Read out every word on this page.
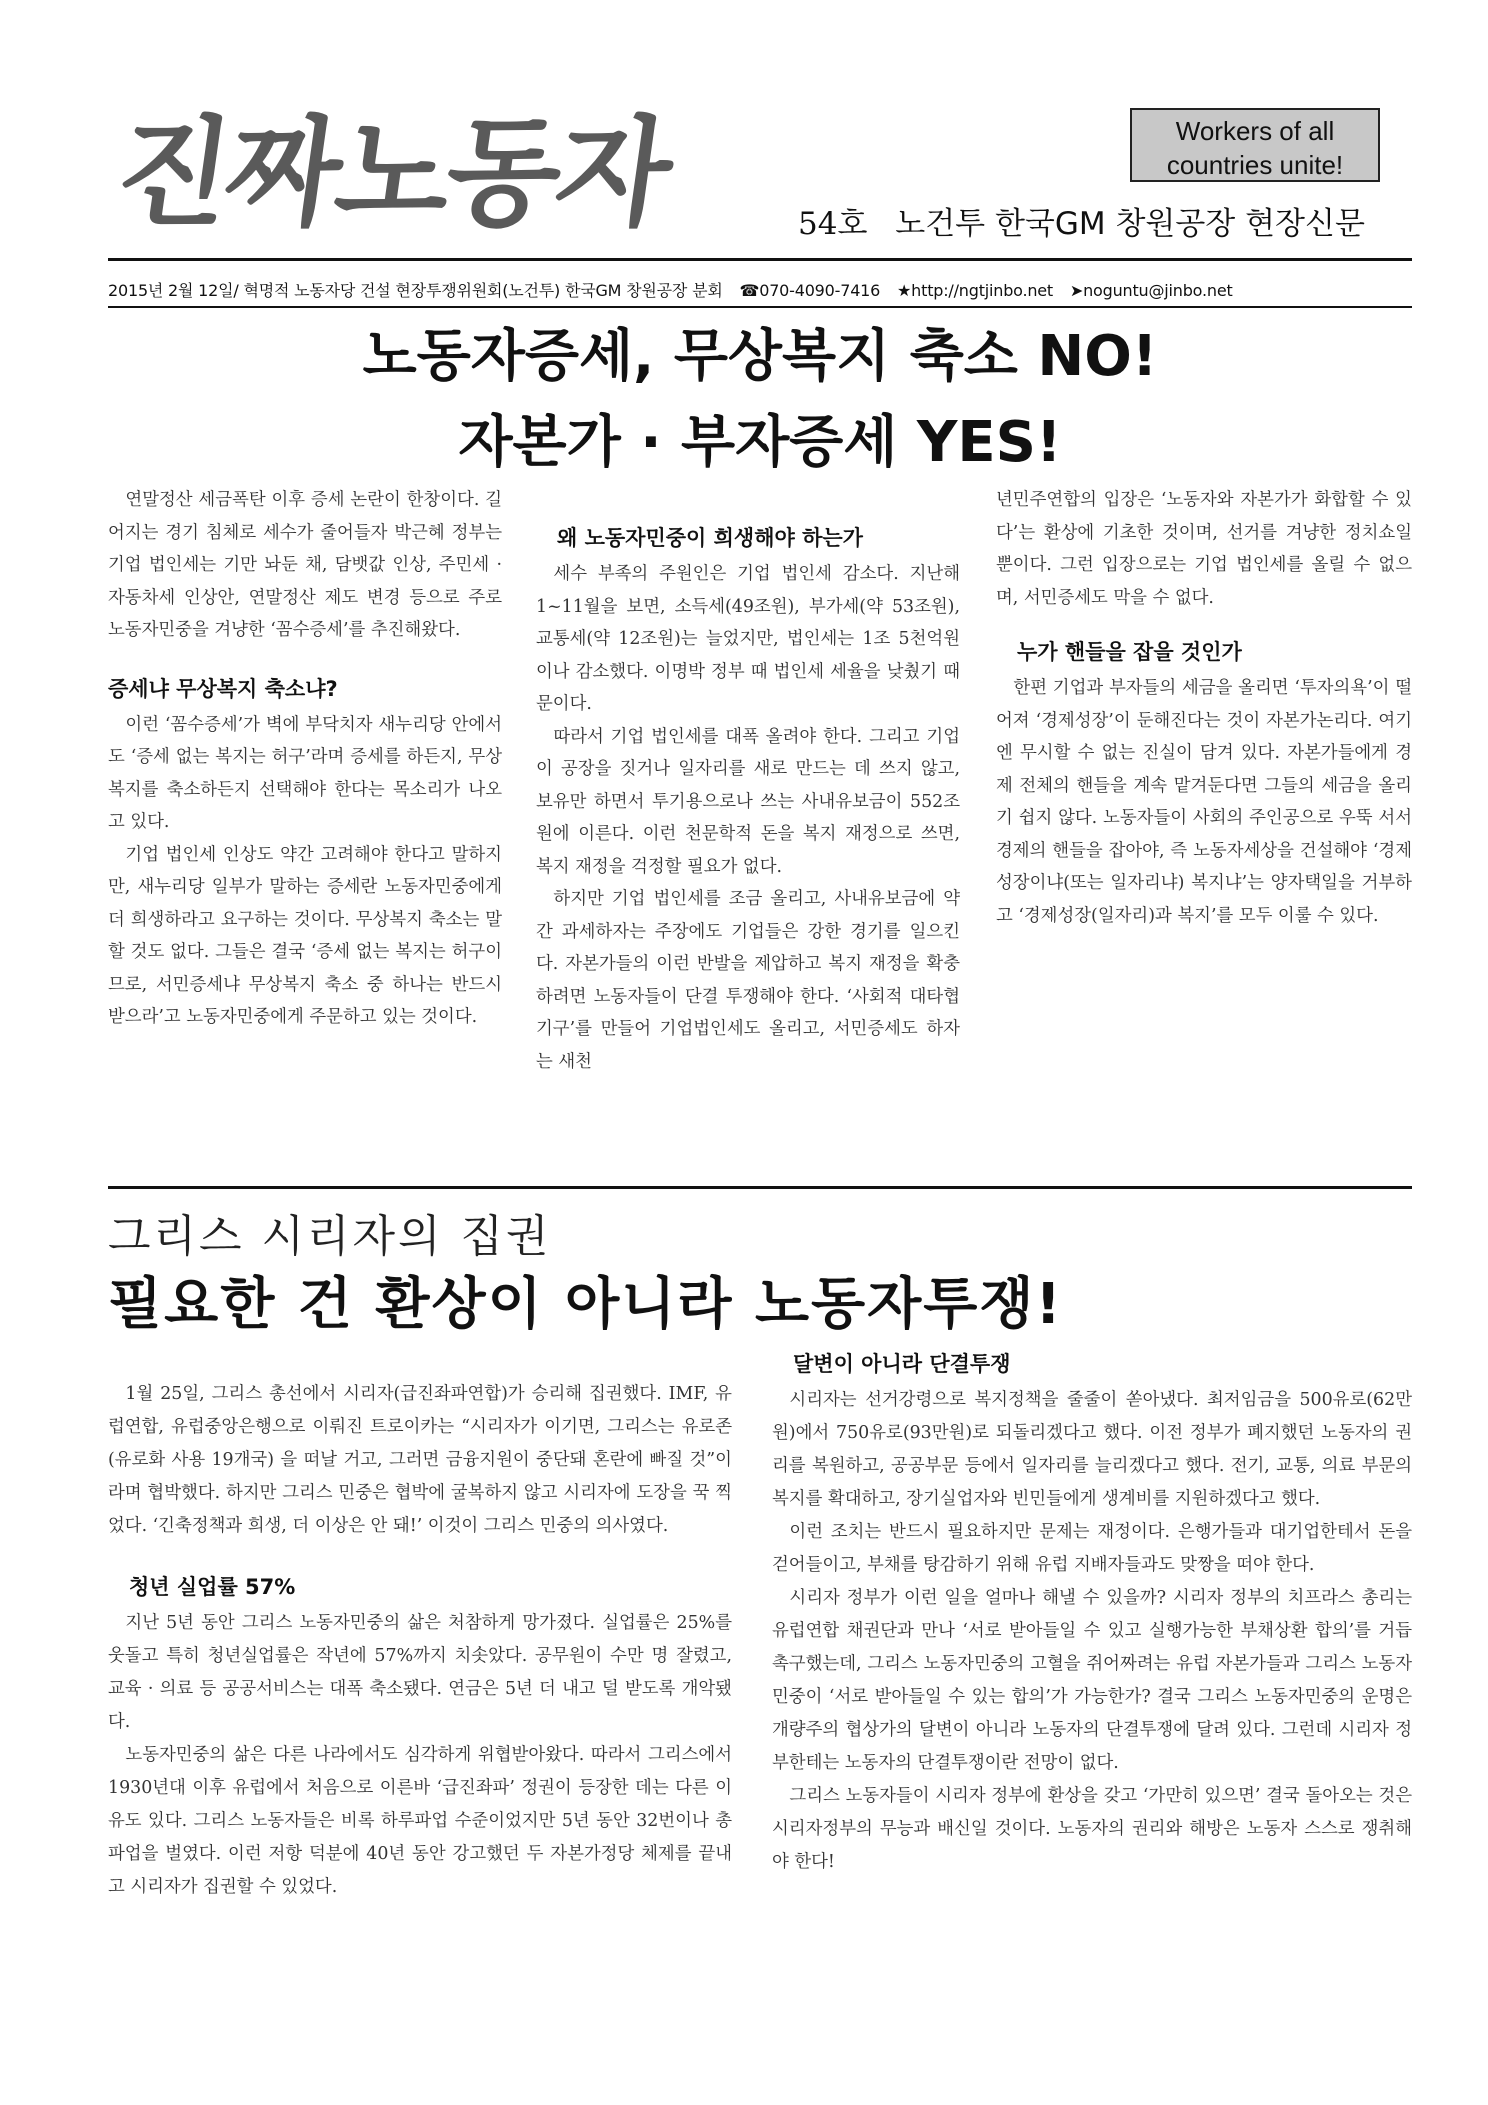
진짜노동자	Workers of all
countries unite!
54호 노건투 한국GM 창원공장 현장신문
2015년 2월 12일/ 혁명적 노동자당 건설 현장투쟁위원회(노건투) 한국GM 창원공장 분회 ☎070-4090-7416 ★http://ngtjinbo.net ➤noguntu@jinbo.net
노동자증세, 무상복지 축소 NO!
자본가 · 부자증세 YES!

연말정산 세금폭탄 이후 증세 논란이 한창이다. 길어지는 경기 침체로 세수가 줄어들자 박근혜 정부는 기업 법인세는 기만 놔둔 채, 담뱃값 인상, 주민세 · 자동차세 인상안, 연말정산 제도 변경 등으로 주로 노동자민중을 겨냥한 ‘꼼수증세’를 추진해왔다.

증세냐 무상복지 축소냐?

이런 ‘꼼수증세’가 벽에 부닥치자 새누리당 안에서도 ‘증세 없는 복지는 허구’라며 증세를 하든지, 무상복지를 축소하든지 선택해야 한다는 목소리가 나오고 있다.

기업 법인세 인상도 약간 고려해야 한다고 말하지만, 새누리당 일부가 말하는 증세란 노동자민중에게 더 희생하라고 요구하는 것이다. 무상복지 축소는 말할 것도 없다. 그들은 결국 ‘증세 없는 복지는 허구이므로, 서민증세냐 무상복지 축소 중 하나는 반드시 받으라’고 노동자민중에게 주문하고 있는 것이다.

왜 노동자민중이 희생해야 하는가

세수 부족의 주원인은 기업 법인세 감소다. 지난해 1~11월을 보면, 소득세(49조원), 부가세(약 53조원), 교통세(약 12조원)는 늘었지만, 법인세는 1조 5천억원이나 감소했다. 이명박 정부 때 법인세 세율을 낮췄기 때문이다.

따라서 기업 법인세를 대폭 올려야 한다. 그리고 기업이 공장을 짓거나 일자리를 새로 만드는 데 쓰지 않고, 보유만 하면서 투기용으로나 쓰는 사내유보금이 552조원에 이른다. 이런 천문학적 돈을 복지 재정으로 쓰면, 복지 재정을 걱정할 필요가 없다.

하지만 기업 법인세를 조금 올리고, 사내유보금에 약간 과세하자는 주장에도 기업들은 강한 경기를 일으킨다. 자본가들의 이런 반발을 제압하고 복지 재정을 확충하려면 노동자들이 단결 투쟁해야 한다. ‘사회적 대타협 기구’를 만들어 기업법인세도 올리고, 서민증세도 하자는 새천

년민주연합의 입장은 ‘노동자와 자본가가 화합할 수 있다’는 환상에 기초한 것이며, 선거를 겨냥한 정치쇼일 뿐이다. 그런 입장으로는 기업 법인세를 올릴 수 없으며, 서민증세도 막을 수 없다.

누가 핸들을 잡을 것인가

한편 기업과 부자들의 세금을 올리면 ‘투자의욕’이 떨어져 ‘경제성장’이 둔해진다는 것이 자본가논리다. 여기엔 무시할 수 없는 진실이 담겨 있다. 자본가들에게 경제 전체의 핸들을 계속 맡겨둔다면 그들의 세금을 올리기 쉽지 않다. 노동자들이 사회의 주인공으로 우뚝 서서 경제의 핸들을 잡아야, 즉 노동자세상을 건설해야 ‘경제성장이냐(또는 일자리냐) 복지냐’는 양자택일을 거부하고 ‘경제성장(일자리)과 복지’를 모두 이룰 수 있다.

그리스 시리자의 집권
필요한 건 환상이 아니라 노동자투쟁!

1월 25일, 그리스 총선에서 시리자(급진좌파연합)가 승리해 집권했다. IMF, 유럽연합, 유럽중앙은행으로 이뤄진 트로이카는 “시리자가 이기면, 그리스는 유로존(유로화 사용 19개국) 을 떠날 거고, 그러면 금융지원이 중단돼 혼란에 빠질 것”이라며 협박했다. 하지만 그리스 민중은 협박에 굴복하지 않고 시리자에 도장을 꾹 찍었다. ‘긴축정책과 희생, 더 이상은 안 돼!’ 이것이 그리스 민중의 의사였다.

청년 실업률 57%

지난 5년 동안 그리스 노동자민중의 삶은 처참하게 망가졌다. 실업률은 25%를 웃돌고 특히 청년실업률은 작년에 57%까지 치솟았다. 공무원이 수만 명 잘렸고, 교육 · 의료 등 공공서비스는 대폭 축소됐다. 연금은 5년 더 내고 덜 받도록 개악됐다.

노동자민중의 삶은 다른 나라에서도 심각하게 위협받아왔다. 따라서 그리스에서 1930년대 이후 유럽에서 처음으로 이른바 ‘급진좌파’ 정권이 등장한 데는 다른 이유도 있다. 그리스 노동자들은 비록 하루파업 수준이었지만 5년 동안 32번이나 총파업을 벌였다. 이런 저항 덕분에 40년 동안 강고했던 두 자본가정당 체제를 끝내고 시리자가 집권할 수 있었다.

달변이 아니라 단결투쟁

시리자는 선거강령으로 복지정책을 줄줄이 쏟아냈다. 최저임금을 500유로(62만원)에서 750유로(93만원)로 되돌리겠다고 했다. 이전 정부가 폐지했던 노동자의 권리를 복원하고, 공공부문 등에서 일자리를 늘리겠다고 했다. 전기, 교통, 의료 부문의 복지를 확대하고, 장기실업자와 빈민들에게 생계비를 지원하겠다고 했다.

이런 조치는 반드시 필요하지만 문제는 재정이다. 은행가들과 대기업한테서 돈을 걷어들이고, 부채를 탕감하기 위해 유럽 지배자들과도 맞짱을 떠야 한다.

시리자 정부가 이런 일을 얼마나 해낼 수 있을까? 시리자 정부의 치프라스 총리는 유럽연합 채권단과 만나 ‘서로 받아들일 수 있고 실행가능한 부채상환 합의’를 거듭 촉구했는데, 그리스 노동자민중의 고혈을 쥐어짜려는 유럽 자본가들과 그리스 노동자민중이 ‘서로 받아들일 수 있는 합의’가 가능한가? 결국 그리스 노동자민중의 운명은 개량주의 협상가의 달변이 아니라 노동자의 단결투쟁에 달려 있다. 그런데 시리자 정부한테는 노동자의 단결투쟁이란 전망이 없다.

그리스 노동자들이 시리자 정부에 환상을 갖고 ‘가만히 있으면’ 결국 돌아오는 것은 시리자정부의 무능과 배신일 것이다. 노동자의 권리와 해방은 노동자 스스로 쟁취해야 한다!
